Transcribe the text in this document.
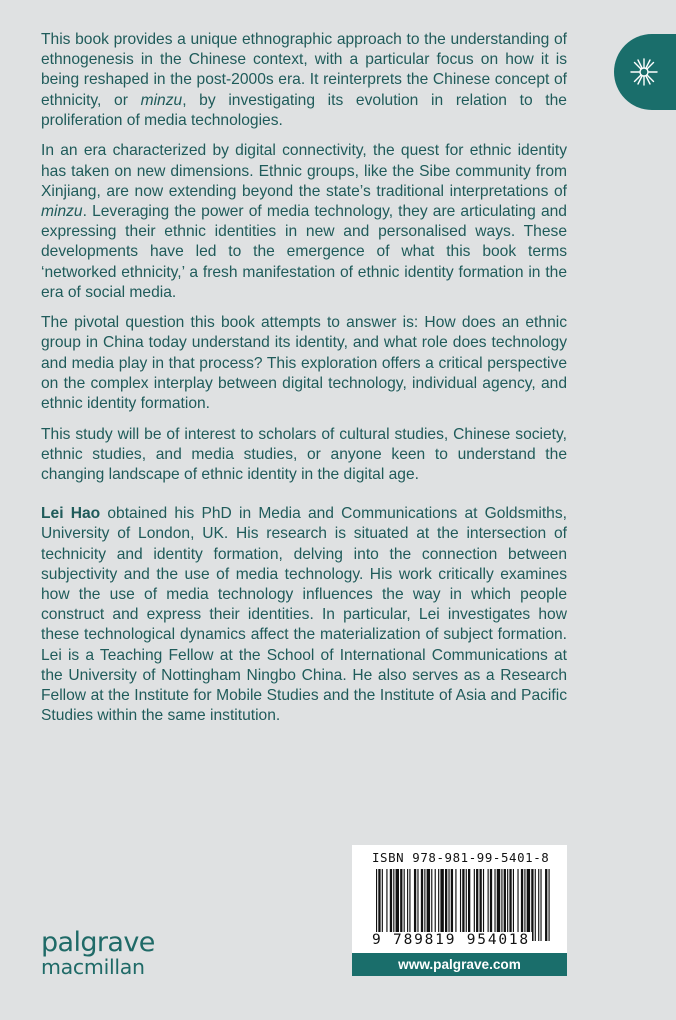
This book provides a unique ethnographic approach to the understanding of ethnogenesis in the Chinese context, with a particular focus on how it is being reshaped in the post-2000s era. It reinterprets the Chinese concept of ethnicity, or minzu, by investigating its evolution in relation to the proliferation of media technologies.

In an era characterized by digital connectivity, the quest for ethnic identity has taken on new dimensions. Ethnic groups, like the Sibe community from Xinjiang, are now extending beyond the state’s traditional interpretations of minzu. Leveraging the power of media technology, they are articulating and expressing their ethnic identities in new and personalised ways. These developments have led to the emergence of what this book terms ‘networked ethnicity,’ a fresh manifestation of ethnic identity formation in the era of social media.

The pivotal question this book attempts to answer is: How does an ethnic group in China today understand its identity, and what role does technology and media play in that process? This exploration offers a critical perspective on the complex interplay between digital technology, individual agency, and ethnic identity formation.

This study will be of interest to scholars of cultural studies, Chinese society, ethnic studies, and media studies, or anyone keen to understand the changing landscape of ethnic identity in the digital age.

Lei Hao obtained his PhD in Media and Communications at Goldsmiths, University of London, UK. His research is situated at the intersection of technicity and identity formation, delving into the connection between subjectivity and the use of media technology. His work critically examines how the use of media technology influences the way in which people construct and express their identities. In particular, Lei investigates how these technological dynamics affect the materialization of subject formation. Lei is a Teaching Fellow at the School of International Communications at the University of Nottingham Ningbo China. He also serves as a Research Fellow at the Institute for Mobile Studies and the Institute of Asia and Pacific Studies within the same institution.

ISBN 978-981-99-5401-8
9 789819 954018
www.palgrave.com
palgrave
macmillan
